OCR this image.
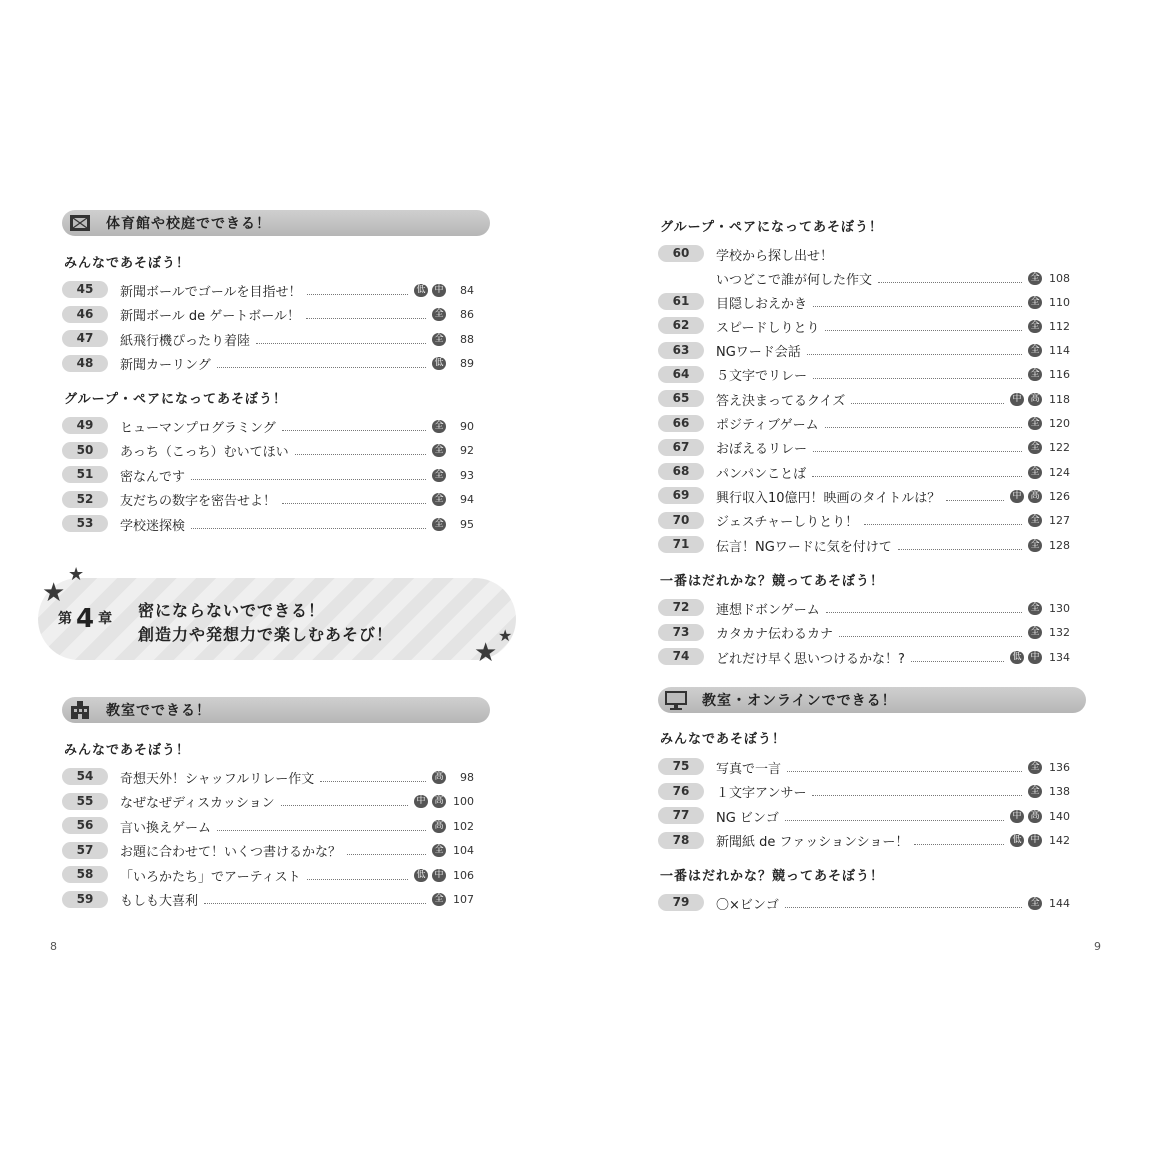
体育館や校庭でできる！
みんなであそぼう！
45	新聞ボールでゴールを目指せ！	低 中	84
46	新聞ボール de ゲートボール！	全	86
47	紙飛行機ぴったり着陸	全	88
48	新聞カーリング	低	89
グループ・ペアになってあそぼう！
49	ヒューマンプログラミング	全	90
50	あっち（こっち）むいてほい	全	92
51	密なんです	全	93
52	友だちの数字を密告せよ！	全	94
53	学校迷探検	全	95
教室でできる！
みんなであそぼう！
54	奇想天外！シャッフルリレー作文	高	98
55	なぜなぜディスカッション	中 高 100
56	言い換えゲーム	高 102
57	お題に合わせて！いくつ書けるかな？	全 104
58	「いろかたち」でアーティスト	低 中 106
59	もしも大喜利	全 107
第 4 章 密にならないでできる！
創造力や発想力で楽しむあそび！
★
★
★
★
8
グループ・ペアになってあそぼう！
60	学校から探し出せ！
いつどこで誰が何した作文	全 108
61	目隠しおえかき	全 110
62	スピードしりとり	全 112
63	NGワード会話	全 114
64	５文字でリレー	全 116
65	答え決まってるクイズ	中 高 118
66	ポジティブゲーム	全 120
67	おぼえるリレー	全 122
68	パンパンことば	全 124
69	興行収入10億円！映画のタイトルは？	中 高 126
70	ジェスチャーしりとり！	全 127
71	伝言！NGワードに気を付けて	全 128
一番はだれかな？競ってあそぼう！
72	連想ドボンゲーム	全 130
73	カタカナ伝わるカナ	全 132
74	どれだけ早く思いつけるかな！?	低 中 134
教室・オンラインでできる！
みんなであそぼう！
75	写真で一言	全 136
76	１文字アンサー	全 138
77	NG ビンゴ	中 高 140
78	新聞紙 de ファッションショー！	低 中 142
一番はだれかな？競ってあそぼう！
79	〇×ビンゴ	全 144
9
